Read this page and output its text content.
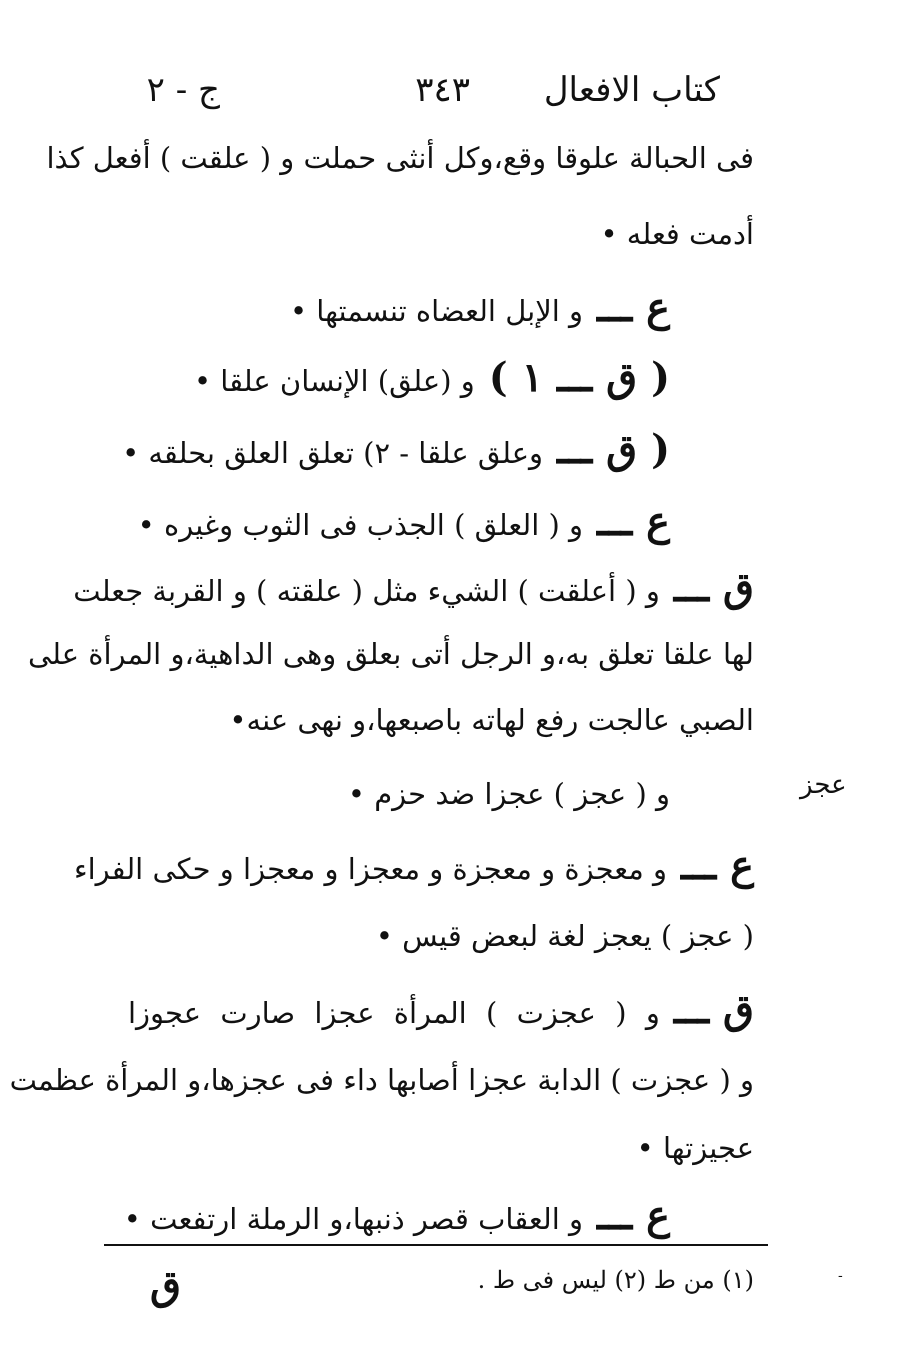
كتاب الافعال
٣٤٣
ج - ٢
فى الحبالة علوقا وقع،وكل أنثى حملت و ( علقت ) أفعل كذا
أدمت فعله •
ع ـــو الإبل العضاه تنسمتها •
( ق ـــ ١ )و (علق) الإنسان علقا •
( ق ـــوعلق علقا - ٢) تعلق العلق بحلقه •
ع ـــو ( العلق ) الجذب فى الثوب وغيره •
ق ـــو ( أعلقت ) الشيء مثل ( علقته ) و القربة جعلت
لها علقا تعلق به،و الرجل أتى بعلق وهى الداهية،و المرأة على
الصبي عالجت رفع لهاته باصبعها،و نهى عنه•
و ( عجز ) عجزا ضد حزم •	عجز
ع ـــو معجزة و معجزة و معجزا و معجزا و حكى الفراء
( عجز ) يعجز لغة لبعض قيس •
ق ـــو ( عجزت ) المرأة عجزا صارت عجوزا
و ( عجزت ) الدابة عجزا أصابها داء فى عجزها،و المرأة عظمت
عجيزتها •
ع ـــو العقاب قصر ذنبها،و الرملة ارتفعت •
(١) من ط (٢) ليس فى ط .
ق	-
